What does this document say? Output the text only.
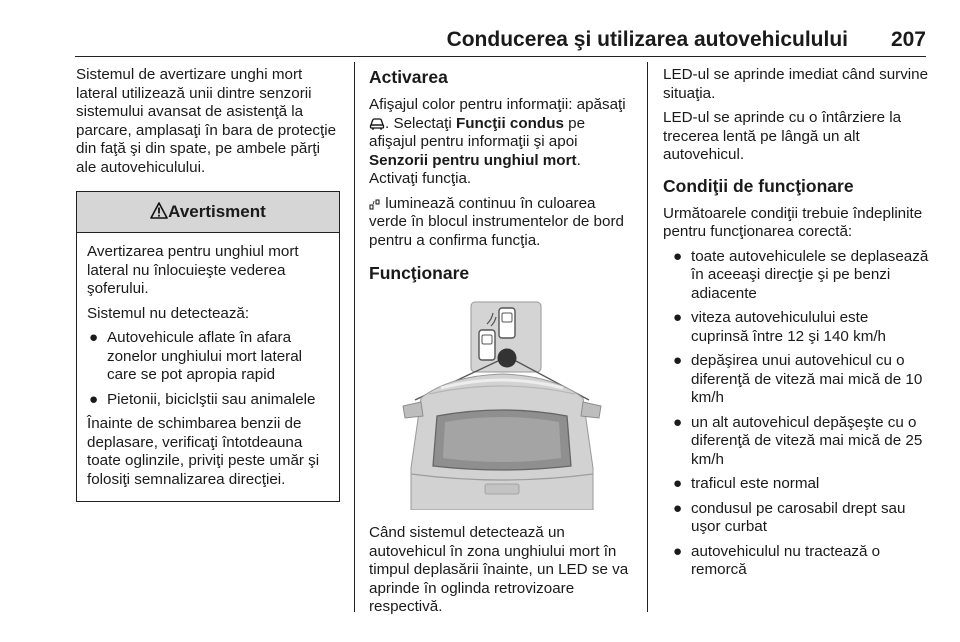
Conducerea şi utilizarea autovehiculului 207

Sistemul de avertizare unghi mort lateral utilizează unii dintre senzorii sistemului avansat de asistenţă la parcare, amplasaţi în bara de protecţie din faţă şi din spate, pe ambele părţi ale autovehiculului.

Avertisment

Avertizarea pentru unghiul mort lateral nu înlocuieşte vederea şoferului.

Sistemul nu detectează:

● Autovehicule aflate în afara zonelor unghiului mort lateral care se pot apropia rapid
● Pietonii, biciclştii sau animalele

Înainte de schimbarea benzii de deplasare, verificaţi întotdeauna toate oglinzile, priviţi peste umăr şi folosiţi semnalizarea direcţiei.

Activarea

Afişajul color pentru informaţii: apăsaţi . Selectaţi Funcţii condus pe afişajul pentru informaţii şi apoi Senzorii pentru unghiul mort. Activaţi funcţia.

luminează continuu în culoarea verde în blocul instrumentelor de bord pentru a confirma funcţia.

Funcţionare

Când sistemul detectează un autovehicul în zona unghiului mort în timpul deplasării înainte, un LED se va aprinde în oglinda retrovizoare respectivă.

LED-ul se aprinde imediat când survine situaţia.

LED-ul se aprinde cu o întârziere la trecerea lentă pe lângă un alt autovehicul.

Condiţii de funcţionare

Următoarele condiţii trebuie îndeplinite pentru funcţionarea corectă:

● toate autovehiculele se deplasează în aceeaşi direcţie şi pe benzi adiacente
● viteza autovehiculului este cuprinsă între 12 şi 140 km/h
● depăşirea unui autovehicul cu o diferenţă de viteză mai mică de 10 km/h
● un alt autovehicul depăşeşte cu o diferenţă de viteză mai mică de 25 km/h
● traficul este normal
● condusul pe carosabil drept sau uşor curbat
● autovehiculul nu tractează o remorcă
